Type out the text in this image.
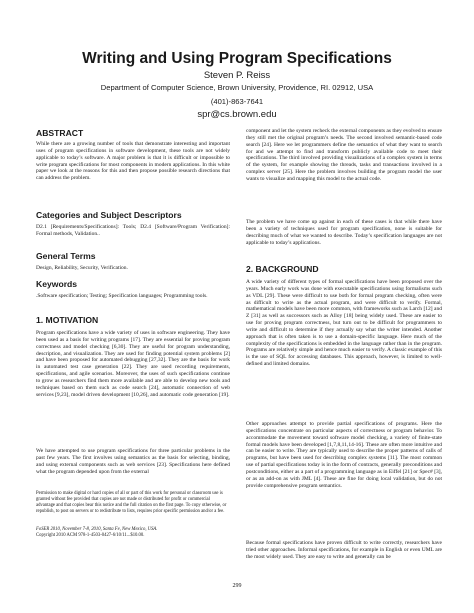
Writing and Using Program Specifications
Steven P. Reiss
Department of Computer Science, Brown University, Providence, RI. 02912, USA
(401)-863-7641
spr@cs.brown.edu
ABSTRACT
While there are a growing number of tools that demonstrate interesting and important uses of program specifications in software development, these tools are not widely applicable to today’s software. A major problem is that it is difficult or impossible to write program specifications for most components in modern applications. In this white paper we look at the reasons for this and then propose possible research directions that can address the problem.
Categories and Subject Descriptors
D2.1 [Requirements/Specifications]: Tools; D2.4 [Software/Program Verification]: Formal methods, Validation..
General Terms
Design, Reliability, Security, Verification.
Keywords
.Software specification; Testing; Specification languages; Programming tools.
1. MOTIVATION
Program specifications have a wide variety of uses in software engineering. They have been used as a basis for writing programs [17]. They are essential for proving program correctness and model checking [6,30]. They are useful for program understanding, description, and visualization. They are used for finding potential system problems [2] and have been proposed for automated debugging [27,32]. They are the basis for work in automated test case generation [22]. They are used recording requirements, specifications, and agile scenarios. Moreover, the uses of such specifications continue to grow as researchers find them more available and are able to develop new tools and techniques based on them such as code search [24], automatic connection of web services [9,23], model driven development [10,26], and automatic code generation [19].
We have attempted to use program specifications for three particular problems in the past few years. The first involves using semantics as the basis for selecting, binding, and using external components such as web services [23]. Specifications here defined what the program depended upon from the external
Permission to make digital or hard copies of all or part of this work for personal or classroom use is granted without fee provided that copies are not made or distributed for profit or commercial advantage and that copies bear this notice and the full citation on the first page. To copy otherwise, or republish, to post on servers or to redistribute to lists, requires prior specific permission and/or a fee.
FoSER 2010, November 7-8, 2010, Santa Fe, New Mexico, USA.
Copyright 2010 ACM 978-1-4503-0427-6/10/11...$10.00.
component and let the system recheck the external components as they evolved to ensure they still met the original program’s needs. The second involved semantic-based code search [24]. Here we let programmers define the semantics of what they want to search for and we attempt to find and transform publicly available code to meet their specifications. The third involved providing visualizations of a complex system in terms of the system, for example showing the threads, tasks and transactions involved in a complex server [25]. Here the problem involves building the program model the user wants to visualize and mapping this model to the actual code.
The problem we have come up against in each of these cases is that while there have been a variety of techniques used for program specification, none is suitable for describing much of what we wanted to describe. Today’s specification languages are not applicable to today’s applications.
2. BACKGROUND
A wide variety of different types of formal specifications have been proposed over the years. Much early work was done with executable specifications using formalisms such as VDL [29]. These were difficult to use both for formal program checking, often were as difficult to write as the actual program, and were difficult to verify. Formal, mathematical models have been more common, with frameworks such as Larch [12] and Z [31] as well as successors such as Alloy [18] being widely used. These are easier to use for proving program correctness, but turn out to be difficult for programmers to write and difficult to determine if they actually say what the writer intended. Another approach that is often taken is to use a domain-specific language. Here much of the complexity of the specifications is embedded in the language rather than in the program. Programs are relatively simple and hence much easier to verify. A classic example of this is the use of SQL for accessing databases. This approach, however, is limited to well-defined and limited domains.
Other approaches attempt to provide partial specifications of programs. Here the specifications concentrate on particular aspects of correctness or program behavior. To accommodate the movement toward software model checking, a variety of finite-state formal models have been developed [1,7,8,11,14-16]. These are often more intuitive and can be easier to write. They are typically used to describe the proper patterns of calls of programs, but have been used for describing complex systems [11]. The most common use of partial specifications today is in the form of contracts, generally preconditions and postconditions, either as a part of a programming language as in Eiffel [21] or Spec# [3], or as an add-on as with JML [4]. These are fine for doing local validation, but do not provide comprehensive program semantics.
Because formal specifications have proven difficult to write correctly, researchers have tried other approaches. Informal specifications, for example in English or even UML are the most widely used. They are easy to write and generally can be
299
